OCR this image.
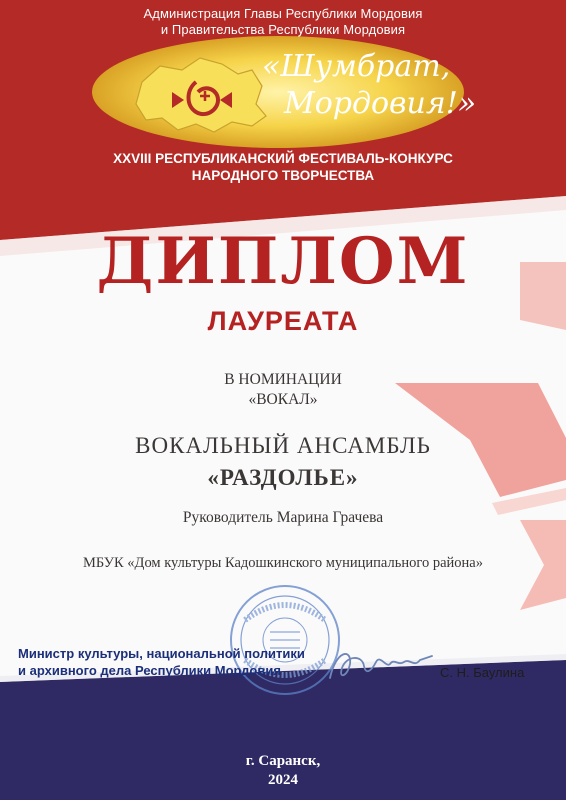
Администрация Главы Республики Мордовия
и Правительства Республики Мордовия
«Шумбрат,
Мордовия!»
XXVIII РЕСПУБЛИКАНСКИЙ ФЕСТИВАЛЬ-КОНКУРС
НАРОДНОГО ТВОРЧЕСТВА
ДИПЛОМ
ЛАУРЕАТА
В НОМИНАЦИИ
«ВОКАЛ»
ВОКАЛЬНЫЙ АНСАМБЛЬ
«РАЗДОЛЬЕ»
Руководитель Марина Грачева
МБУК «Дом культуры Кадошкинского муниципального района»
Министр культуры, национальной политики
и архивного дела Республики Мордовия	С. Н. Баулина
г. Саранск,
2024
